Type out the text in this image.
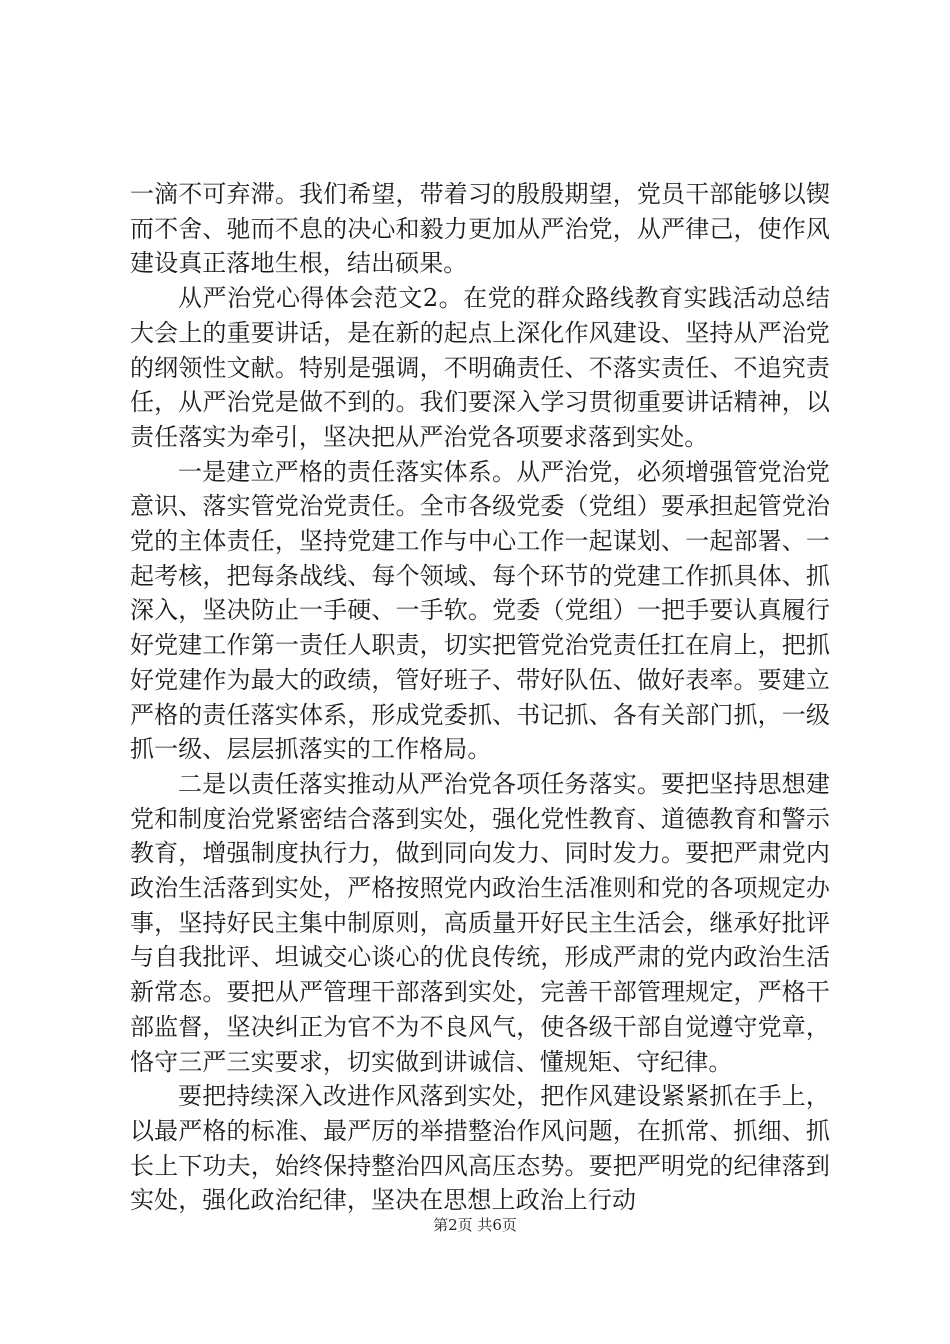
一滴不可弃滞。我们希望，带着习的殷殷期望，党员干部能够以锲而不舍、驰而不息的决心和毅力更加从严治党，从严律己，使作风建设真正落地生根，结出硕果。

从严治党心得体会范文2。在党的群众路线教育实践活动总结大会上的重要讲话，是在新的起点上深化作风建设、坚持从严治党的纲领性文献。特别是强调，不明确责任、不落实责任、不追究责任，从严治党是做不到的。我们要深入学习贯彻重要讲话精神，以责任落实为牵引，坚决把从严治党各项要求落到实处。

一是建立严格的责任落实体系。从严治党，必须增强管党治党意识、落实管党治党责任。全市各级党委（党组）要承担起管党治党的主体责任，坚持党建工作与中心工作一起谋划、一起部署、一起考核，把每条战线、每个领域、每个环节的党建工作抓具体、抓深入，坚决防止一手硬、一手软。党委（党组）一把手要认真履行好党建工作第一责任人职责，切实把管党治党责任扛在肩上，把抓好党建作为最大的政绩，管好班子、带好队伍、做好表率。要建立严格的责任落实体系，形成党委抓、书记抓、各有关部门抓，一级抓一级、层层抓落实的工作格局。

二是以责任落实推动从严治党各项任务落实。要把坚持思想建党和制度治党紧密结合落到实处，强化党性教育、道德教育和警示教育，增强制度执行力，做到同向发力、同时发力。要把严肃党内政治生活落到实处，严格按照党内政治生活准则和党的各项规定办事，坚持好民主集中制原则，高质量开好民主生活会，继承好批评与自我批评、坦诚交心谈心的优良传统，形成严肃的党内政治生活新常态。要把从严管理干部落到实处，完善干部管理规定，严格干部监督，坚决纠正为官不为不良风气，使各级干部自觉遵守党章，恪守三严三实要求，切实做到讲诚信、懂规矩、守纪律。

要把持续深入改进作风落到实处，把作风建设紧紧抓在手上，以最严格的标准、最严厉的举措整治作风问题，在抓常、抓细、抓长上下功夫，始终保持整治四风高压态势。要把严明党的纪律落到实处，强化政治纪律，坚决在思想上政治上行动

第2页 共6页
